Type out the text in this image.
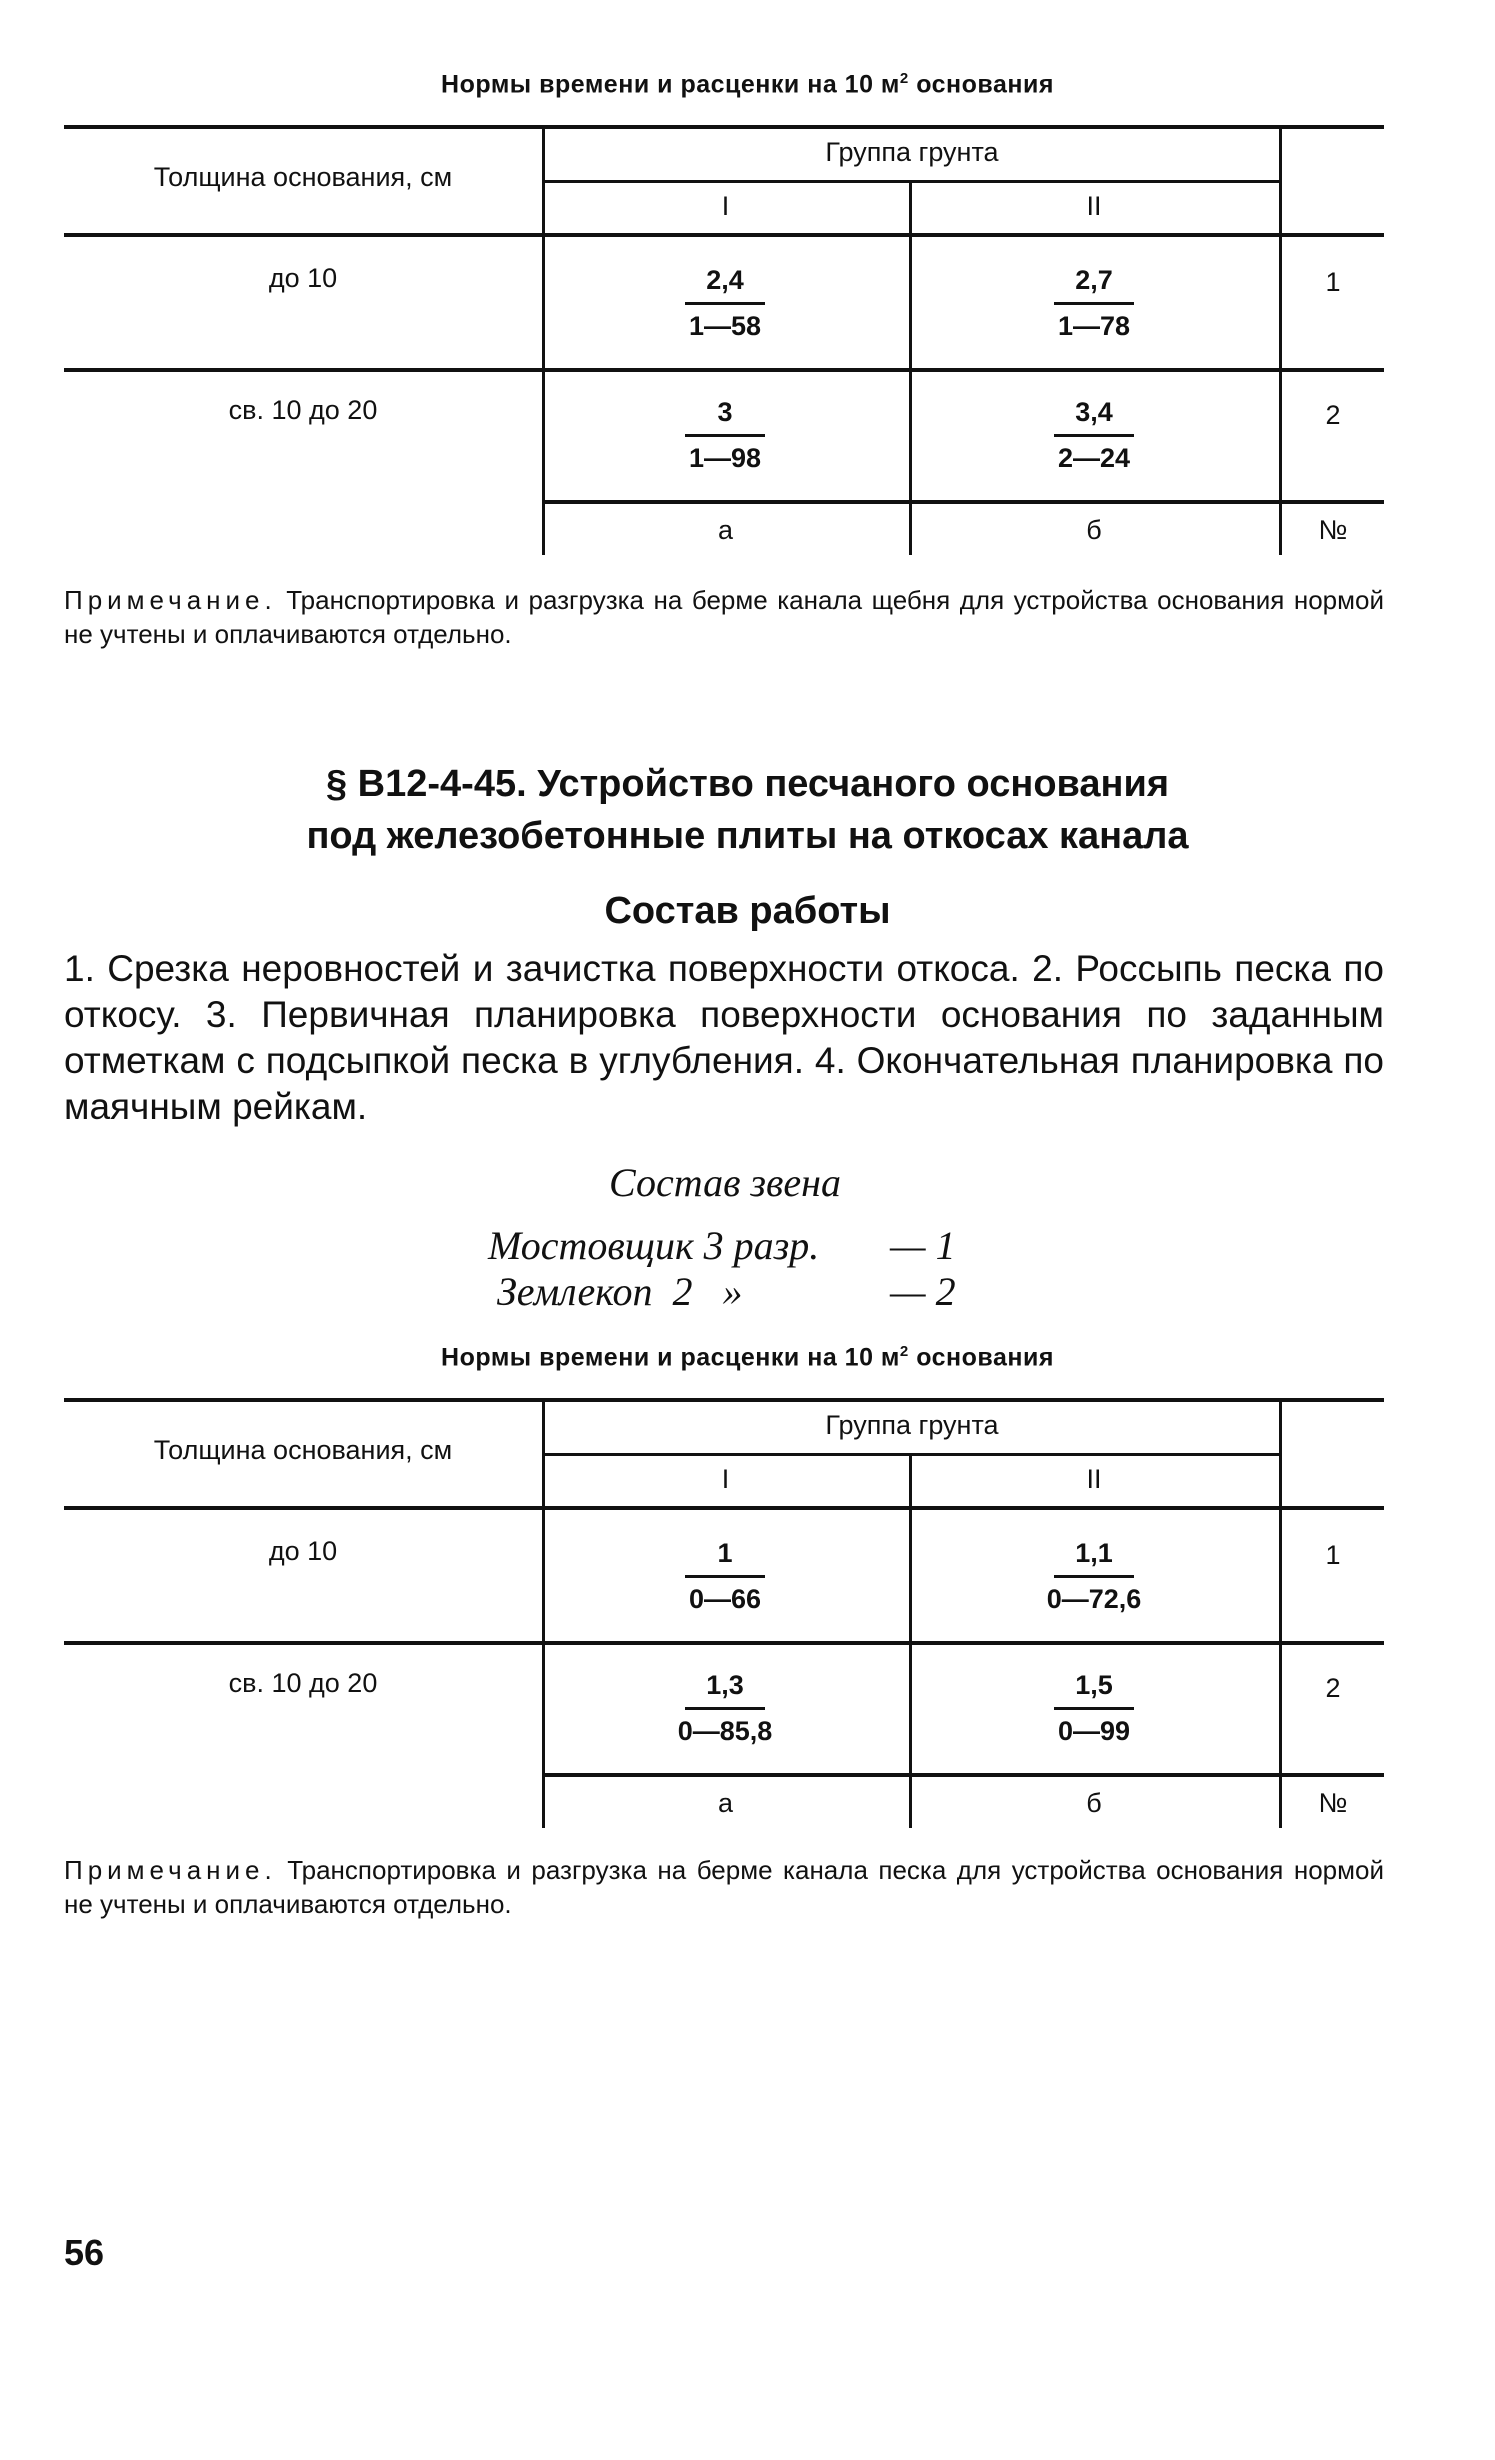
Нормы времени и расценки на 10 $м^2$ основания
Толщина основания, см
Группа грунта
I	II
до 10	$\frac{2,4}{1—58}$	$\frac{2,7}{1—78}$	1
св. 10 до 20	$\frac{3}{1—98}$	$\frac{3,4}{2—24}$	2
а	б	№
Примечание. Транспортировка и разгрузка на берме канала щебня для устройства основания нормой не учтены и оплачиваются отдельно.
§ В12-4-45. Устройство песчаного основания
под железобетонные плиты на откосах канала
Состав работы
1. Срезка неровностей и зачистка поверхности откоса. 2. Россыпь песка по откосу. 3. Первичная планировка поверхности основания по заданным отметкам с подсыпкой песка в углубления. 4. Окончательная планировка по маячным рейкам.
Состав звена
Мостовщик 3 разр. — 1
Землекоп  2   »	— 2
Нормы времени и расценки на 10 $м^2$ основания
Толщина основания, см
Группа грунта
I	II
до 10	$\frac{1}{0—66}$	$\frac{1,1}{0—72,6}$	1
св. 10 до 20	$\frac{1,3}{0—85,8}$	$\frac{1,5}{0—99}$	2
а	б	№
Примечание. Транспортировка и разгрузка на берме канала песка для устройства основания нормой не учтены и оплачиваются отдельно.
56
